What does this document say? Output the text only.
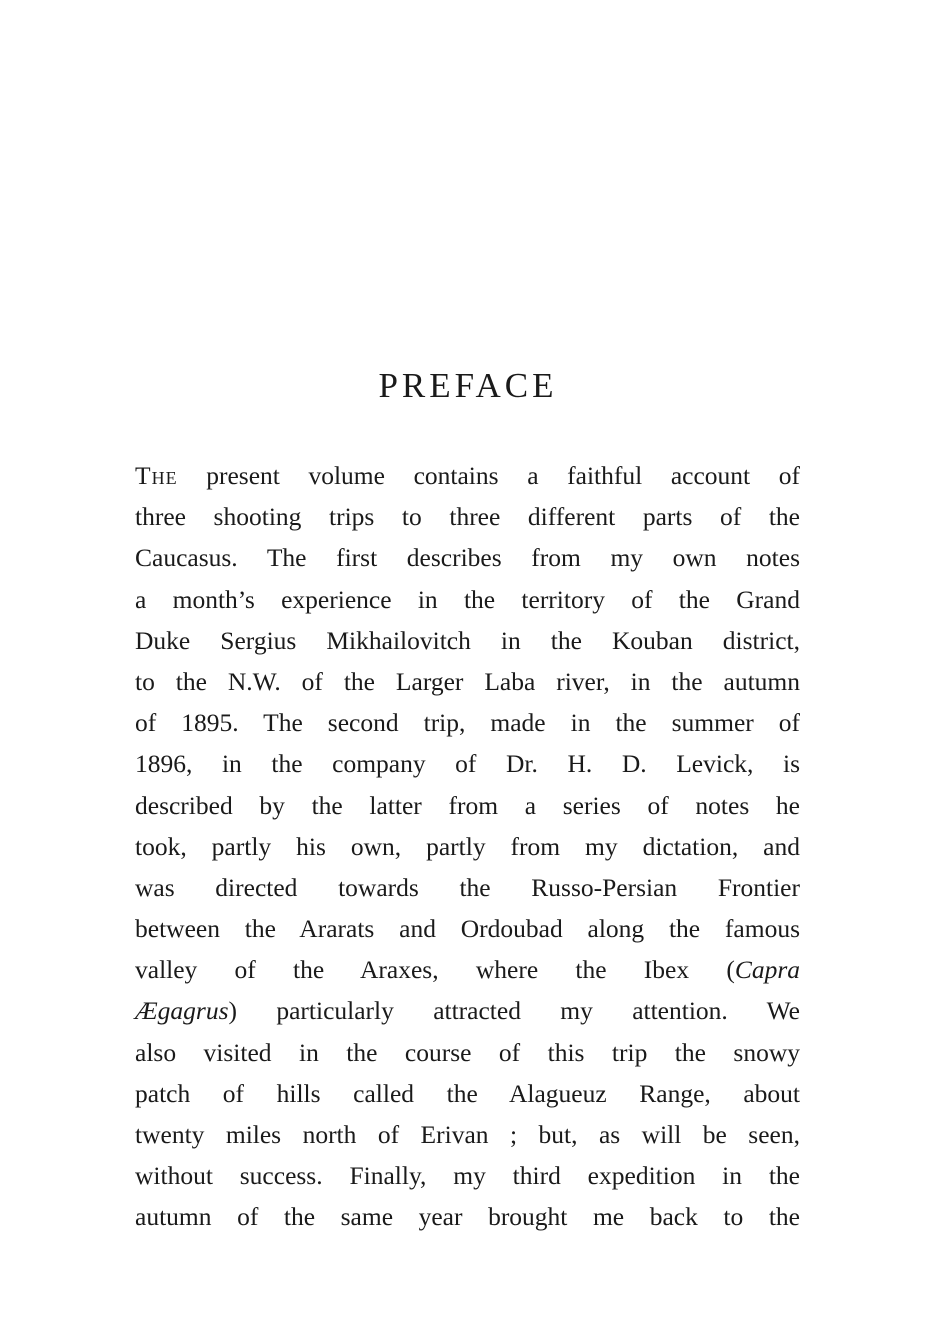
PREFACE
The present volume contains a faithful account of
three shooting trips to three different parts of the
Caucasus. The first describes from my own notes
a month’s experience in the territory of the Grand
Duke Sergius Mikhailovitch in the Kouban district,
to the N.W. of the Larger Laba river, in the autumn
of 1895. The second trip, made in the summer of
1896, in the company of Dr. H. D. Levick, is
described by the latter from a series of notes he
took, partly his own, partly from my dictation, and
was directed towards the Russo-Persian Frontier
between the Ararats and Ordoubad along the famous
valley of the Araxes, where the Ibex (Capra
Ægagrus) particularly attracted my attention. We
also visited in the course of this trip the snowy
patch of hills called the Alagueuz Range, about
twenty miles north of Erivan ; but, as will be seen,
without success. Finally, my third expedition in the
autumn of the same year brought me back to the
